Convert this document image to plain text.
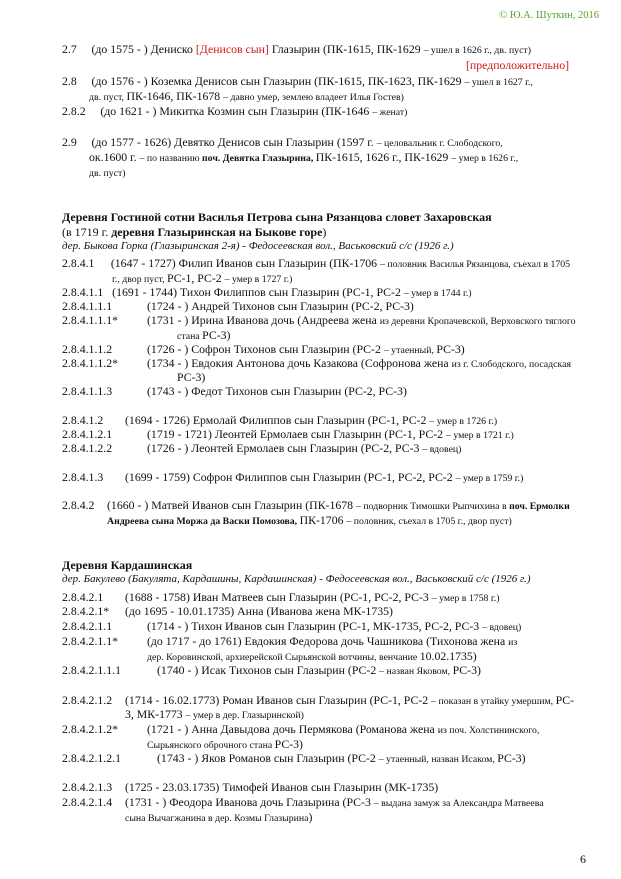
© Ю.А. Шуткин, 2016
2.7 (до 1575 - ) Дениско [Денисов сын] Глазырин (ПК-1615, ПК-1629 – ушел в 1626 г., дв. пуст)
[предположительно]
2.8 (до 1576 - ) Коземка Денисов сын Глазырин (ПК-1615, ПК-1623, ПК-1629 – ушел в 1627 г.,
дв. пуст, ПК-1646, ПК-1678 – давно умер, землею владеет Илья Гостев)
2.8.2 (до 1621 - ) Микитка Козмин сын Глазырин (ПК-1646 – женат)
2.9 (до 1577 - 1626) Девятко Денисов сын Глазырин (1597 г. – целовальник г. Слободского,
ок.1600 г. – по названию поч. Девятка Глазырина, ПК-1615, 1626 г., ПК-1629 – умер в 1626 г.,
дв. пуст)
Деревня Гостиной сотни Василья Петрова сына Рязанцова словет Захаровская
(в 1719 г. деревня Глазыринская на Быкове горе)
дер. Быкова Горка (Глазыринская 2-я) - Федосеевская вол., Васьковский с/с (1926 г.)
2.8.4.1 (1647 - 1727) Филип Иванов сын Глазырин (ПК-1706 – половник Василья Рязанцова, съехал в 1705
г., двор пуст, РС-1, РС-2 – умер в 1727 г.)
2.8.4.1.1 (1691 - 1744) Тихон Филиппов сын Глазырин (РС-1, РС-2 – умер в 1744 г.)
2.8.4.1.1.1	(1724 - ) Андрей Тихонов сын Глазырин (РС-2, РС-3)
2.8.4.1.1.1* (1731 - ) Ирина Иванова дочь (Андреева жена из деревни Кропачевской, Верховского тяглого
стана РС-3)
2.8.4.1.1.2	(1726 - ) Софрон Тихонов сын Глазырин (РС-2 – утаенный, РС-3)
2.8.4.1.1.2* (1734 - ) Евдокия Антонова дочь Казакова (Софронова жена из г. Слободского, посадская
РС-3)
2.8.4.1.1.3	(1743 - ) Федот Тихонов сын Глазырин (РС-2, РС-3)
2.8.4.1.2 (1694 - 1726) Ермолай Филиппов сын Глазырин (РС-1, РС-2 – умер в 1726 г.)
2.8.4.1.2.1	(1719 - 1721) Леонтей Ермолаев сын Глазырин (РС-1, РС-2 – умер в 1721 г.)
2.8.4.1.2.2	(1726 - ) Леонтей Ермолаев сын Глазырин (РС-2, РС-3 – вдовец)
2.8.4.1.3 (1699 - 1759) Софрон Филиппов сын Глазырин (РС-1, РС-2, РС-2 – умер в 1759 г.)
2.8.4.2 (1660 - ) Матвей Иванов сын Глазырин (ПК-1678 – подворник Тимошки Рыпчихина в поч. Ермолки
Андреева сына Моржа да Васки Помозова, ПК-1706 – половник, съехал в 1705 г., двор пуст)
Деревня Кардашинская
дер. Бакулево (Бакулята, Кардашины, Кардашинская) - Федосеевская вол., Васьковский с/с (1926 г.)
2.8.4.2.1 (1688 - 1758) Иван Матвеев сын Глазырин (РС-1, РС-2, РС-3 – умер в 1758 г.)
2.8.4.2.1* (до 1695 - 10.01.1735) Анна (Иванова жена МК-1735)
2.8.4.2.1.1	(1714 - ) Тихон Иванов сын Глазырин (РС-1, МК-1735, РС-2, РС-3 – вдовец)
2.8.4.2.1.1* (до 1717 - до 1761) Евдокия Федорова дочь Чашникова (Тихонова жена из
дер. Коровинской, архиерейской Сырьянской вотчины, венчание 10.02.1735)
2.8.4.2.1.1.1	(1740 - ) Исак Тихонов сын Глазырин (РС-2 – назван Яковом, РС-3)
2.8.4.2.1.2 (1714 - 16.02.1773) Роман Иванов сын Глазырин (РС-1, РС-2 – показан в утайку умершим, РС-
3, МК-1773 – умер в дер. Глазыринской)
2.8.4.2.1.2* (1721 - ) Анна Давыдова дочь Пермякова (Романова жена из поч. Холстининского,
Сырьянского оброчного стана РС-3)
2.8.4.2.1.2.1	(1743 - ) Яков Романов сын Глазырин (РС-2 – утаенный, назван Исаком, РС-3)
2.8.4.2.1.3 (1725 - 23.03.1735) Тимофей Иванов сын Глазырин (МК-1735)
2.8.4.2.1.4 (1731 - ) Феодора Иванова дочь Глазырина (РС-3 – выдана замуж за Александра Матвеева
сына Вычагжанина в дер. Козмы Глазырина)
6
